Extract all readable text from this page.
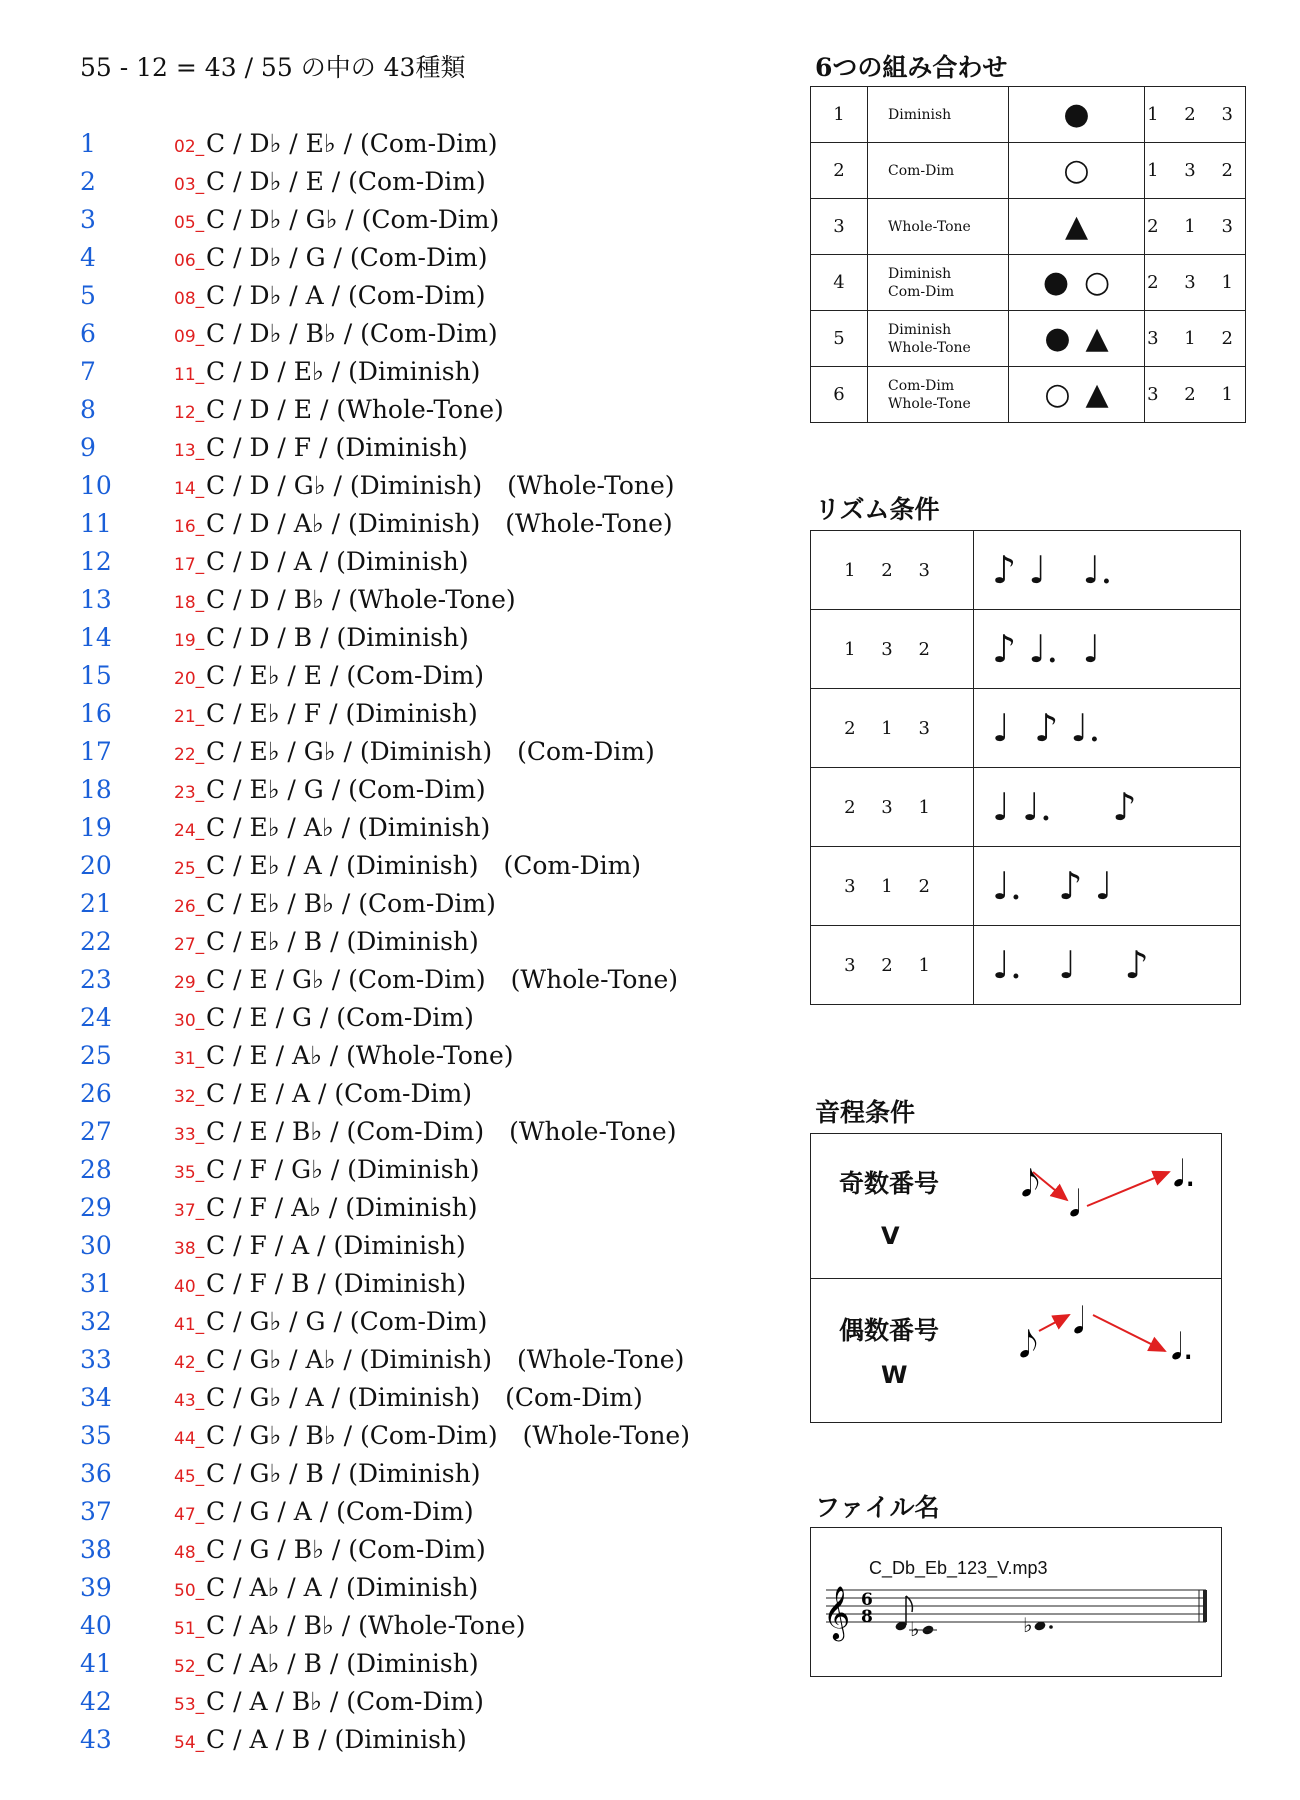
55 - 12 = 43 / 55 の中の 43種類
1	02_ C / D♭ / E♭ / (Com-Dim)
2	03_ C / D♭ / E / (Com-Dim)
3	05_ C / D♭ / G♭ / (Com-Dim)
4	06_ C / D♭ / G / (Com-Dim)
5	08_ C / D♭ / A / (Com-Dim)
6	09_ C / D♭ / B♭ / (Com-Dim)
7	11_ C / D / E♭ / (Diminish)
8	12_ C / D / E / (Whole-Tone)
9	13_ C / D / F / (Diminish)
10	14_ C / D / G♭ / (Diminish)　(Whole-Tone)
11	16_ C / D / A♭ / (Diminish)　(Whole-Tone)
12	17_ C / D / A / (Diminish)
13	18_ C / D / B♭ / (Whole-Tone)
14	19_ C / D / B / (Diminish)
15	20_ C / E♭ / E / (Com-Dim)
16	21_ C / E♭ / F / (Diminish)
17	22_ C / E♭ / G♭ / (Diminish)　(Com-Dim)
18	23_ C / E♭ / G / (Com-Dim)
19	24_ C / E♭ / A♭ / (Diminish)
20	25_ C / E♭ / A / (Diminish)　(Com-Dim)
21	26_ C / E♭ / B♭ / (Com-Dim)
22	27_ C / E♭ / B / (Diminish)
23	29_ C / E / G♭ / (Com-Dim)　(Whole-Tone)
24	30_ C / E / G / (Com-Dim)
25	31_ C / E / A♭ / (Whole-Tone)
26	32_ C / E / A / (Com-Dim)
27	33_ C / E / B♭ / (Com-Dim)　(Whole-Tone)
28	35_ C / F / G♭ / (Diminish)
29	37_ C / F / A♭ / (Diminish)
30	38_ C / F / A / (Diminish)
31	40_ C / F / B / (Diminish)
32	41_ C / G♭ / G / (Com-Dim)
33	42_ C / G♭ / A♭ / (Diminish)　(Whole-Tone)
34	43_ C / G♭ / A / (Diminish)　(Com-Dim)
35	44_ C / G♭ / B♭ / (Com-Dim)　(Whole-Tone)
36	45_ C / G♭ / B / (Diminish)
37	47_ C / G / A / (Com-Dim)
38	48_ C / G / B♭ / (Com-Dim)
39	50_ C / A♭ / A / (Diminish)
40	51_ C / A♭ / B♭ / (Whole-Tone)
41	52_ C / A♭ / B / (Diminish)
42	53_ C / A / B♭ / (Com-Dim)
43	54_ C / A / B / (Diminish)
6つの組み合わせ
1	Diminish	●	1 2 3
2	Com-Dim	○	1 3 2
3	Whole-Tone	▲	2 1 3
4	Diminish
Com-Dim	● ○	2 3 1
5	Diminish
Whole-Tone	● ▲	3 1 2
6	Com-Dim
Whole-Tone	○ ▲	3 2 1
リズム条件
1 2 3	♪ ♩   ♩.
1 3 2	♪ ♩.  ♩
2 1 3	♩  ♪ ♩.
2 3 1	♩ ♩.     ♪
3 1 2	♩.   ♪ ♩
3 2 1	♩.   ♩    ♪
音程条件
奇数番号
V
𝅘𝅥𝅮 𝅘𝅥
𝅘𝅥.
偶数番号
W
𝅘𝅥𝅮
𝅘𝅥
𝅘𝅥.
ファイル名
C_Db_Eb_123_V.mp3
𝄞 6
8 ♭	♭
